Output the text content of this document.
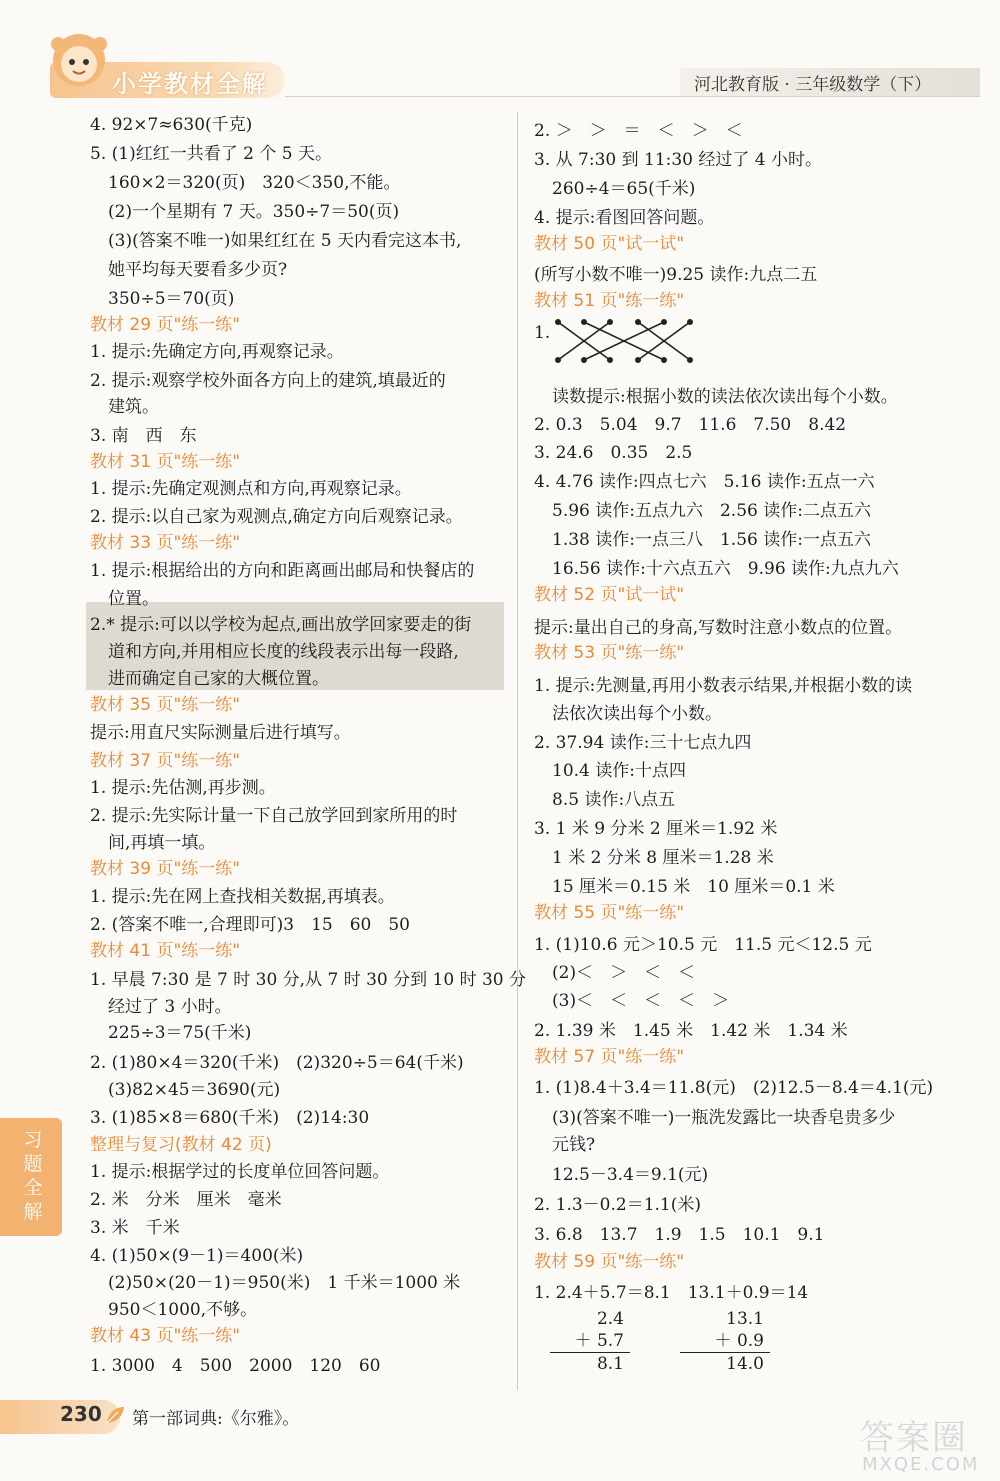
小学教材全解	河北教育版 · 三年级数学（下）
4. 92×7≈630(千克)
5. (1)红红一共看了 2 个 5 天。
160×2＝320(页)　320＜350,不能。
(2)一个星期有 7 天。350÷7＝50(页)
(3)(答案不唯一)如果红红在 5 天内看完这本书,
她平均每天要看多少页?
350÷5＝70(页)
教材 29 页"练一练"
1. 提示:先确定方向,再观察记录。
2. 提示:观察学校外面各方向上的建筑,填最近的
建筑。
3. 南　西　东
教材 31 页"练一练"
1. 提示:先确定观测点和方向,再观察记录。
2. 提示:以自己家为观测点,确定方向后观察记录。
教材 33 页"练一练"
1. 提示:根据给出的方向和距离画出邮局和快餐店的
位置。
2.* 提示:可以以学校为起点,画出放学回家要走的街
道和方向,并用相应长度的线段表示出每一段路,
进而确定自己家的大概位置。
教材 35 页"练一练"
提示:用直尺实际测量后进行填写。
教材 37 页"练一练"
1. 提示:先估测,再步测。
2. 提示:先实际计量一下自己放学回到家所用的时
间,再填一填。
教材 39 页"练一练"
1. 提示:先在网上查找相关数据,再填表。
2. (答案不唯一,合理即可)3　15　60　50
教材 41 页"练一练"
1. 早晨 7:30 是 7 时 30 分,从 7 时 30 分到 10 时 30 分
经过了 3 小时。
225÷3＝75(千米)
2. (1)80×4＝320(千米)　(2)320÷5＝64(千米)
(3)82×45＝3690(元)
3. (1)85×8＝680(千米)　(2)14:30
整理与复习(教材 42 页)
1. 提示:根据学过的长度单位回答问题。
2. 米　分米　厘米　毫米
3. 米　千米
4. (1)50×(9－1)＝400(米)
(2)50×(20－1)＝950(米)　1 千米＝1000 米
950＜1000,不够。
教材 43 页"练一练"
1. 3000　4　500　2000　120　60
2. ＞　＞　＝　＜　＞　＜
3. 从 7:30 到 11:30 经过了 4 小时。
260÷4＝65(千米)
4. 提示:看图回答问题。
教材 50 页"试一试"
(所写小数不唯一)9.25 读作:九点二五
教材 51 页"练一练"
1.
读数提示:根据小数的读法依次读出每个小数。
2. 0.3　5.04　9.7　11.6　7.50　8.42
3. 24.6　0.35　2.5
4. 4.76 读作:四点七六　5.16 读作:五点一六
5.96 读作:五点九六　2.56 读作:二点五六
1.38 读作:一点三八　1.56 读作:一点五六
16.56 读作:十六点五六　9.96 读作:九点九六
教材 52 页"试一试"
提示:量出自己的身高,写数时注意小数点的位置。
教材 53 页"练一练"
1. 提示:先测量,再用小数表示结果,并根据小数的读
法依次读出每个小数。
2. 37.94 读作:三十七点九四
10.4 读作:十点四
8.5 读作:八点五
3. 1 米 9 分米 2 厘米＝1.92 米
1 米 2 分米 8 厘米＝1.28 米
15 厘米＝0.15 米　10 厘米＝0.1 米
教材 55 页"练一练"
1. (1)10.6 元＞10.5 元　11.5 元＜12.5 元
(2)＜　＞　＜　＜
(3)＜　＜　＜　＜　＞
2. 1.39 米　1.45 米　1.42 米　1.34 米
教材 57 页"练一练"
1. (1)8.4＋3.4＝11.8(元)　(2)12.5－8.4＝4.1(元)
(3)(答案不唯一)一瓶洗发露比一块香皂贵多少
元钱?
12.5－3.4＝9.1(元)
2. 1.3－0.2＝1.1(米)
3. 6.8　13.7　1.9　1.5　10.1　9.1
教材 59 页"练一练"
1. 2.4＋5.7＝8.1　13.1＋0.9＝14
2.4
＋ 5.7
8.1
13.1
＋ 0.9
14.0
习题全解
230 第一部词典:《尔雅》。	答案圈
MXQE.COM
